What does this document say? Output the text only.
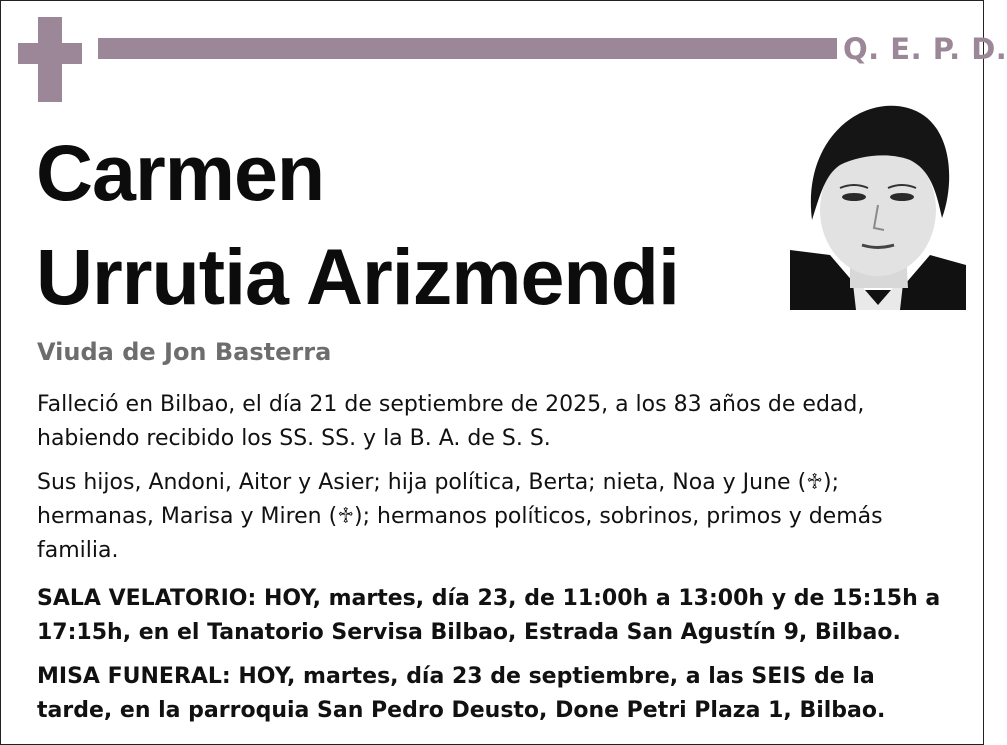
Q. E. P. D.
Carmen
Urrutia Arizmendi
Viuda de Jon Basterra
Falleció en Bilbao, el día 21 de septiembre de 2025, a los 83 años de edad,
habiendo recibido los SS. SS. y la B. A. de S. S.
Sus hijos, Andoni, Aitor y Asier; hija política, Berta; nieta, Noa y June (♱);
hermanas, Marisa y Miren (♱); hermanos políticos, sobrinos, primos y demás
familia.
SALA VELATORIO: HOY, martes, día 23, de 11:00h a 13:00h y de 15:15h a
17:15h, en el Tanatorio Servisa Bilbao, Estrada San Agustín 9, Bilbao.
MISA FUNERAL: HOY, martes, día 23 de septiembre, a las SEIS de la
tarde, en la parroquia San Pedro Deusto, Done Petri Plaza 1, Bilbao.
